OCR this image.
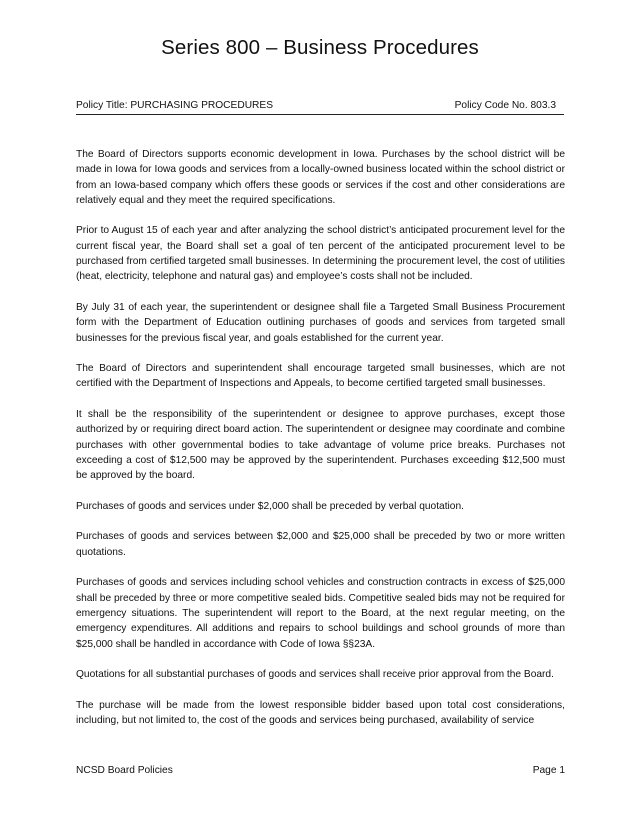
Series 800 – Business Procedures
Policy Title: PURCHASING PROCEDURES	Policy Code No. 803.3

The Board of Directors supports economic development in Iowa. Purchases by the school district will be made in Iowa for Iowa goods and services from a locally-owned business located within the school district or from an Iowa-based company which offers these goods or services if the cost and other considerations are relatively equal and they meet the required specifications.

Prior to August 15 of each year and after analyzing the school district’s anticipated procurement level for the current fiscal year, the Board shall set a goal of ten percent of the anticipated procurement level to be purchased from certified targeted small businesses. In determining the procurement level, the cost of utilities (heat, electricity, telephone and natural gas) and employee’s costs shall not be included.

By July 31 of each year, the superintendent or designee shall file a Targeted Small Business Procurement form with the Department of Education outlining purchases of goods and services from targeted small businesses for the previous fiscal year, and goals established for the current year.

The Board of Directors and superintendent shall encourage targeted small businesses, which are not certified with the Department of Inspections and Appeals, to become certified targeted small businesses.

It shall be the responsibility of the superintendent or designee to approve purchases, except those authorized by or requiring direct board action. The superintendent or designee may coordinate and combine purchases with other governmental bodies to take advantage of volume price breaks. Purchases not exceeding a cost of $12,500 may be approved by the superintendent. Purchases exceeding $12,500 must be approved by the board.

Purchases of goods and services under $2,000 shall be preceded by verbal quotation.

Purchases of goods and services between $2,000 and $25,000 shall be preceded by two or more written quotations.

Purchases of goods and services including school vehicles and construction contracts in excess of $25,000 shall be preceded by three or more competitive sealed bids. Competitive sealed bids may not be required for emergency situations. The superintendent will report to the Board, at the next regular meeting, on the emergency expenditures. All additions and repairs to school buildings and school grounds of more than $25,000 shall be handled in accordance with Code of Iowa §§23A.

Quotations for all substantial purchases of goods and services shall receive prior approval from the Board.

The purchase will be made from the lowest responsible bidder based upon total cost considerations, including, but not limited to, the cost of the goods and services being purchased, availability of service

NCSD Board Policies	Page 1
